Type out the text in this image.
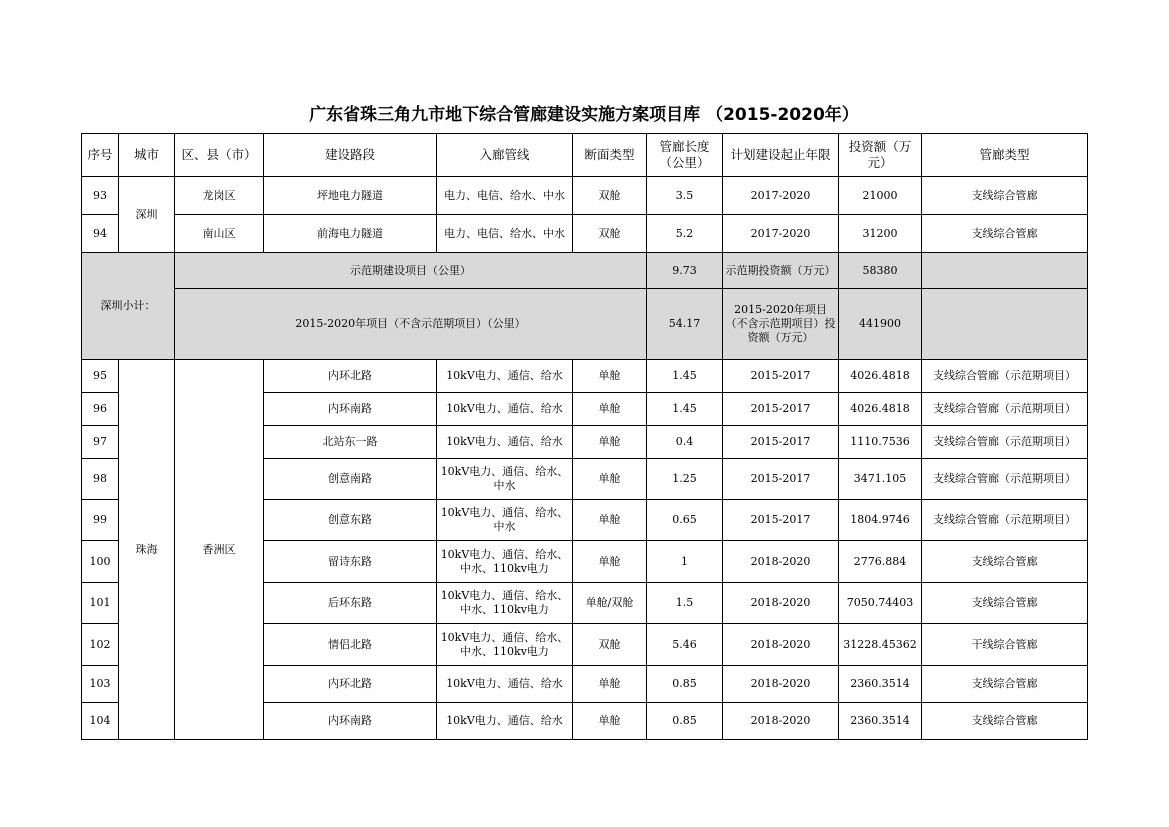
广东省珠三角九市地下综合管廊建设实施方案项目库 （2015-2020年）
序号	城市	区、县（市）	建设路段	入廊管线	断面类型	管廊长度（公里）	计划建设起止年限	投资额（万元）	管廊类型
93	深圳	龙岗区	坪地电力隧道	电力、电信、给水、中水	双舱	3.5	2017-2020	21000	支线综合管廊
94		南山区	前海电力隧道	电力、电信、给水、中水	双舱	5.2	2017-2020	31200	支线综合管廊
深圳小计：		示范期建设项目（公里）				9.73	示范期投资额（万元）	58380	
		2015-2020年项目（不含示范期项目）（公里）				54.17	2015-2020年项目（不含示范期项目）投资额（万元）	441900	
95	珠海	香洲区	内环北路	10kV电力、通信、给水	单舱	1.45	2015-2017	4026.4818	支线综合管廊（示范期项目）
96			内环南路	10kV电力、通信、给水	单舱	1.45	2015-2017	4026.4818	支线综合管廊（示范期项目）
97			北站东一路	10kV电力、通信、给水	单舱	0.4	2015-2017	1110.7536	支线综合管廊（示范期项目）
98			创意南路	10kV电力、通信、给水、中水	单舱	1.25	2015-2017	3471.105	支线综合管廊（示范期项目）
99			创意东路	10kV电力、通信、给水、中水	单舱	0.65	2015-2017	1804.9746	支线综合管廊（示范期项目）
100			留诗东路	10kV电力、通信、给水、中水、110kv电力	单舱	1	2018-2020	2776.884	支线综合管廊
101			后环东路	10kV电力、通信、给水、中水、110kv电力	单舱/双舱	1.5	2018-2020	7050.74403	支线综合管廊
102			情侣北路	10kV电力、通信、给水、中水、110kv电力	双舱	5.46	2018-2020	31228.45362	干线综合管廊
103			内环北路	10kV电力、通信、给水	单舱	0.85	2018-2020	2360.3514	支线综合管廊
104			内环南路	10kV电力、通信、给水	单舱	0.85	2018-2020	2360.3514	支线综合管廊
